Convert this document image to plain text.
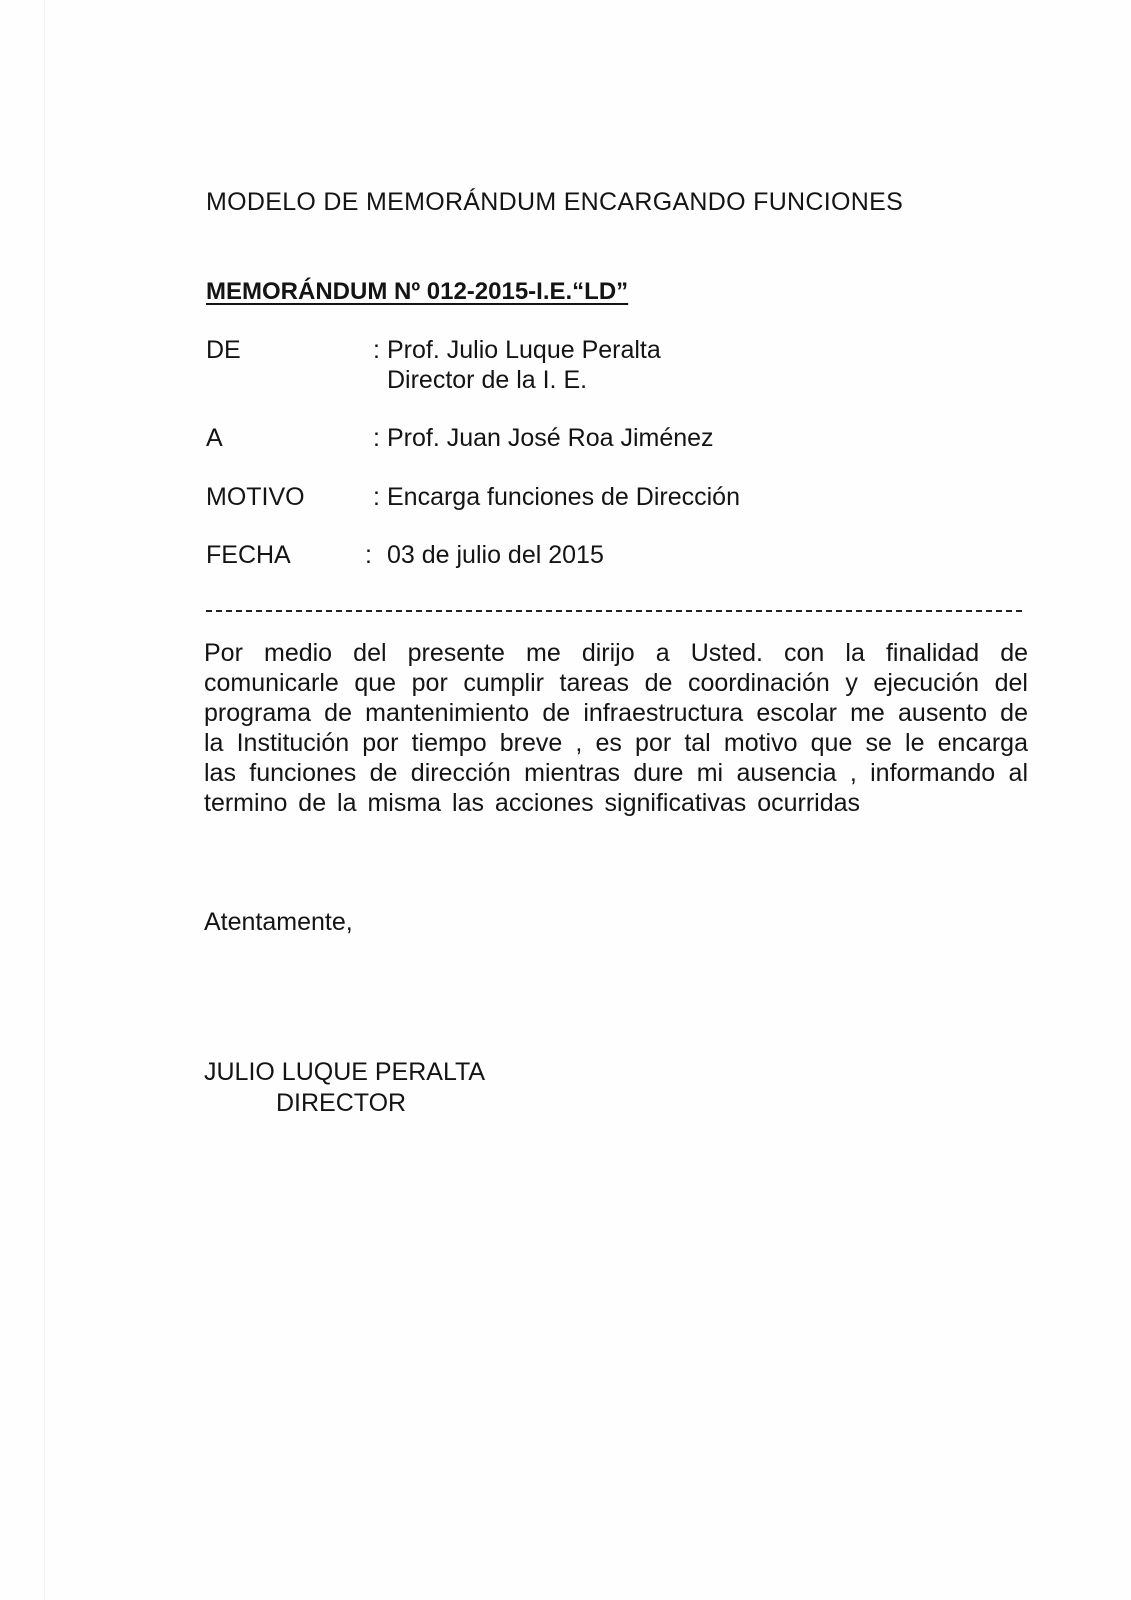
MODELO DE MEMORÁNDUM ENCARGANDO FUNCIONES
MEMORÁNDUM Nº 012-2015-I.E.“LD”
DE	: Prof. Julio Luque Peralta
Director de la I. E.
A	: Prof. Juan José Roa Jiménez
MOTIVO	: Encarga funciones de Dirección
FECHA	: 03 de julio del 2015
Por medio del presente me dirijo a Usted. con la finalidad de comunicarle que por cumplir tareas de coordinación y ejecución del programa de mantenimiento de infraestructura escolar me ausento de la Institución por tiempo breve , es por tal motivo que se le encarga las funciones de dirección mientras dure mi ausencia , informando al termino de la misma las acciones significativas ocurridas
Atentamente,
JULIO LUQUE PERALTA
DIRECTOR
